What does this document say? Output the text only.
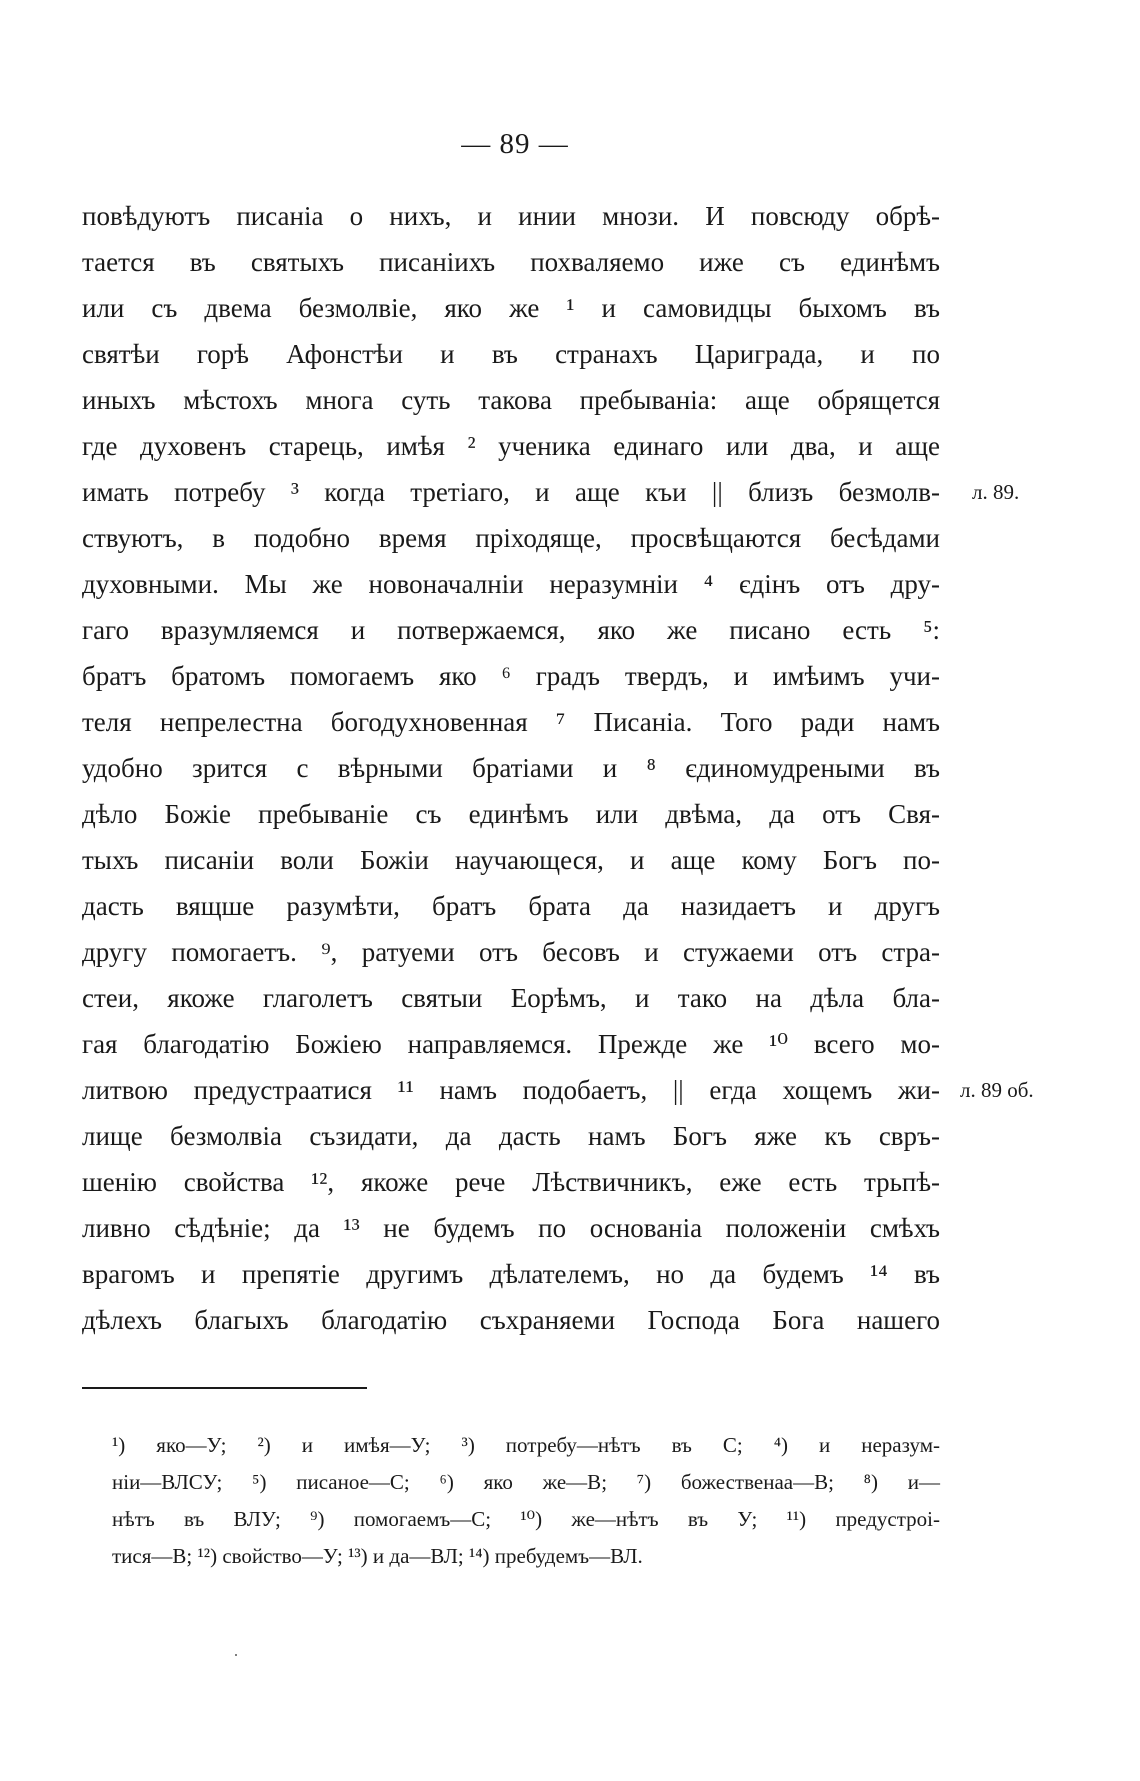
— 89 —
повѣдуютъ писаніа о нихъ, и инии мнози. И повсюду обрѣ-
тается въ святыхъ писанiихъ похваляемо иже съ единѣмъ
или съ двема безмолвіе, яко же ¹ и самовидцы быхомъ въ
святѣи горѣ Афонстѣи и въ странахъ Цариграда, и по
иныхъ мѣстохъ многа суть такова пребываніа: аще обрящется
где духовенъ старець, имѣя ² ученика единаго или два, и аще
имать потребу ³ когда третіаго, и аще къи || близъ безмолв-
ствуютъ, в подобно время пріходяще, просвѣщаются бесѣдами
духовными. Мы же новоначалніи неразумніи ⁴ єдінъ отъ дру-
гаго вразумляемся и потвержаемся, яко же писано есть ⁵:
братъ братомъ помогаемъ яко ⁶ градъ твердъ, и имѣимъ учи-
теля непрелестна богодухновенная ⁷ Писаніа. Того ради намъ
удобно зрится с вѣрными братіами и ⁸ єдиномудреными въ
дѣло Божіе пребываніе съ единѣмъ или двѣма, да отъ Свя-
тыхъ писаніи воли Божіи научающеся, и аще кому Богъ по-
дасть вящше разумѣти, братъ брата да назидаетъ и другъ
другу помогаетъ. ⁹, ратуеми отъ бесовъ и стужаеми отъ стра-
стеи, якоже глаголетъ святыи Еорѣмъ, и тако на дѣла бла-
гая благодатію Божіею направляемся. Прежде же ¹⁰ всего мо-
литвою предустраатися ¹¹ намъ подобаетъ, || егда хощемъ жи-
лище безмолвіа съзидати, да дасть намъ Богъ яже къ свръ-
шенію свойства ¹², якоже рече Лѣствичникъ, еже есть трьпѣ-
ливно сѣдѣніе; да ¹³ не будемъ по основаніа положеніи смѣхъ
врагомъ и препятіе другимъ дѣлателемъ, но да будемъ ¹⁴ въ
дѣлехъ благыхъ благодатію съхраняеми Господа Бога нашего
л. 89.
л. 89 об.
¹) яко—У; ²) и имѣя—У; ³) потребу—нѣтъ въ С; ⁴) и неразум-
ніи—ВЛСУ; ⁵) писаное—С; ⁶) яко же—В; ⁷) божественаа—В; ⁸) и—
нѣтъ въ ВЛУ; ⁹) помогаемъ—С; ¹⁰) же—нѣтъ въ У; ¹¹) предустроі-
тися—В; ¹²) свойство—У; ¹³) и да—ВЛ; ¹⁴) пребудемъ—ВЛ.
